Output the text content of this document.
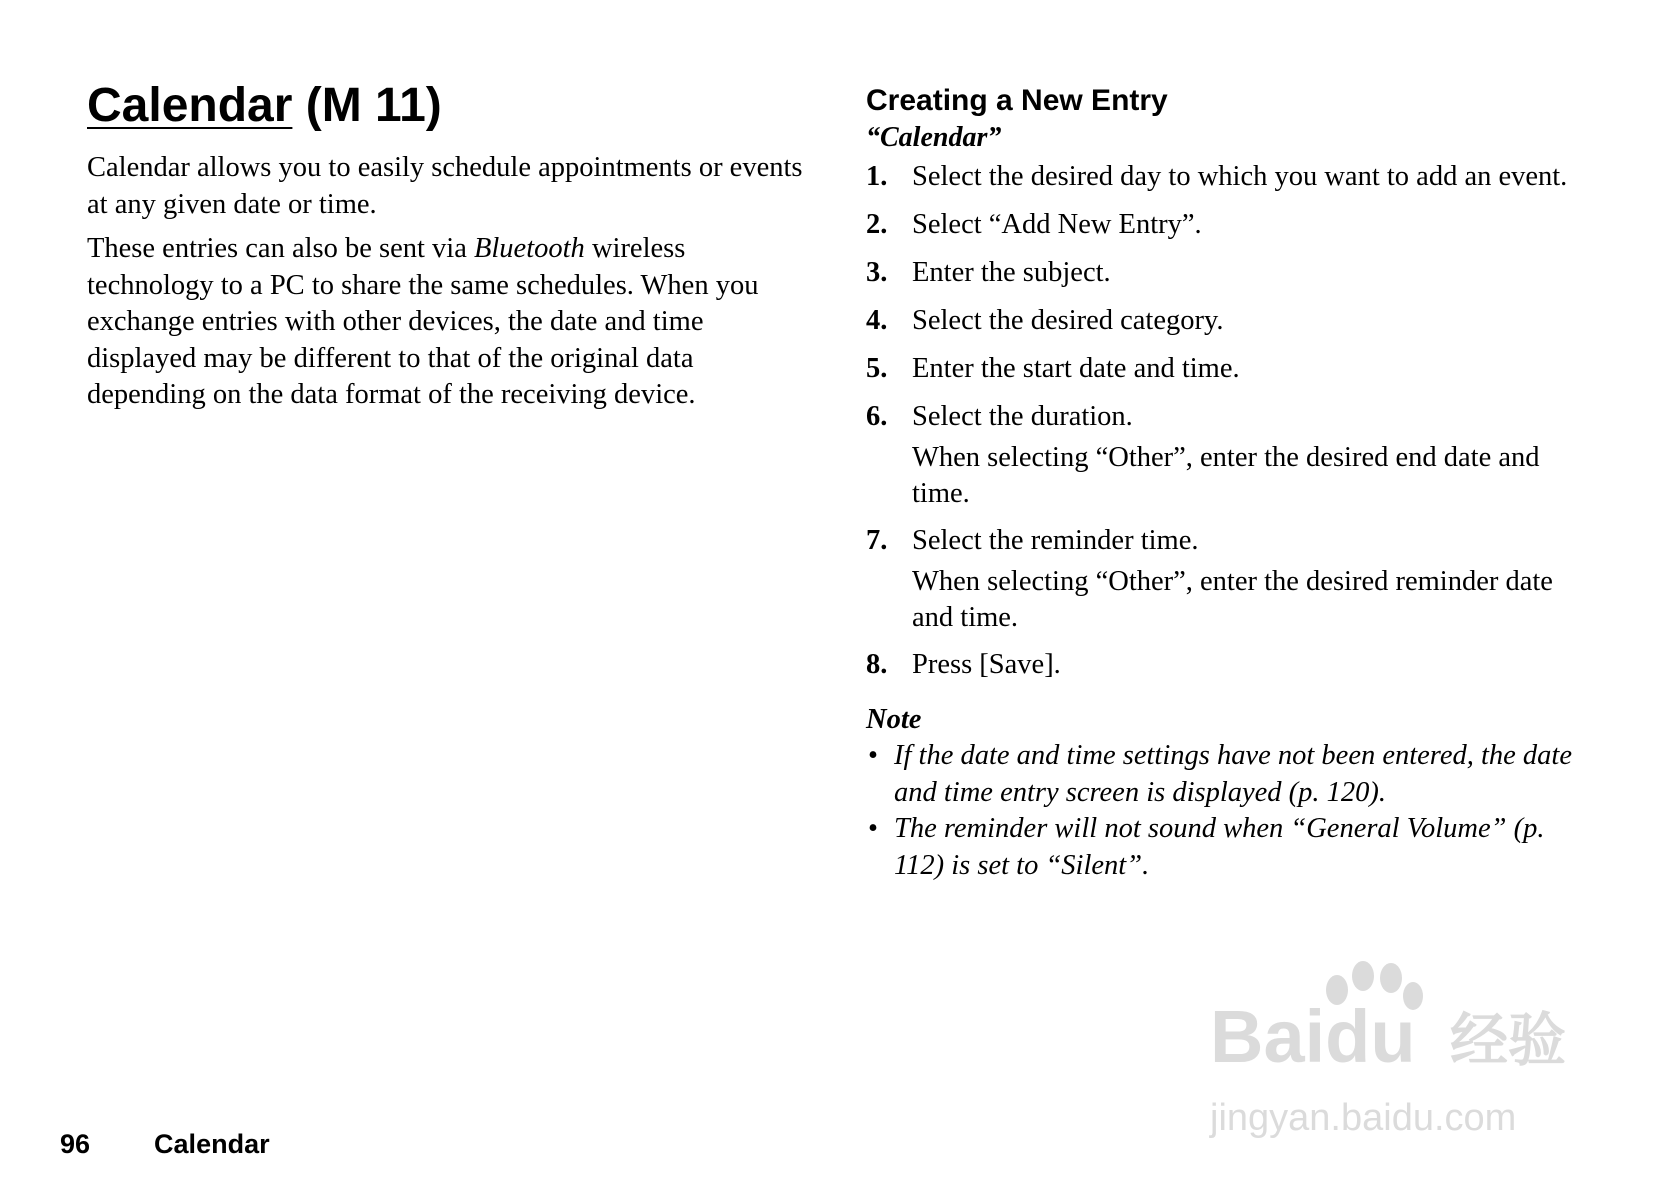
Calendar (M 11)

Calendar allows you to easily schedule appointments or events at any given date or time.

These entries can also be sent via Bluetooth wireless technology to a PC to share the same schedules. When you exchange entries with other devices, the date and time displayed may be different to that of the original data depending on the data format of the receiving device.

Creating a New Entry
“Calendar”
1. Select the desired day to which you want to add an event.
2. Select “Add New Entry”.
3. Enter the subject.
4. Select the desired category.
5. Enter the start date and time.
6. Select the duration.
When selecting “Other”, enter the desired end date and time.
7. Select the reminder time.
When selecting “Other”, enter the desired reminder date and time.
8. Press [Save].
Note
• If the date and time settings have not been entered, the date and time entry screen is displayed (p. 120).
• The reminder will not sound when “General Volume” (p. 112) is set to “Silent”.
96 Calendar
Baidu 经验
jingyan.baidu.com
